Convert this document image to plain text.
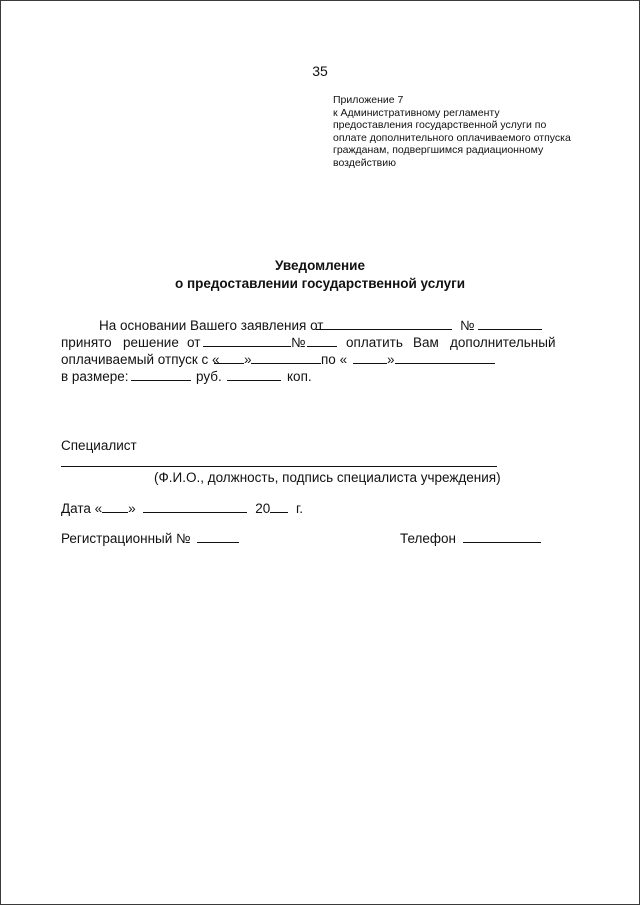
35
Приложение 7
к Административному регламенту
предоставления государственной услуги по
оплате дополнительного оплачиваемого отпуска
гражданам, подвергшимся радиационному
воздействию
Уведомление
о предоставлении государственной услуги
На основании Вашего заявления от	№
принято решение от	№	оплатить Вам дополнительный
оплачиваемый отпуск с « »	по «	»
в размере:	руб.	коп.
Специалист
(Ф.И.О., должность, подпись специалиста учреждения)
Дата « »	20 г.
Регистрационный №	Телефон
